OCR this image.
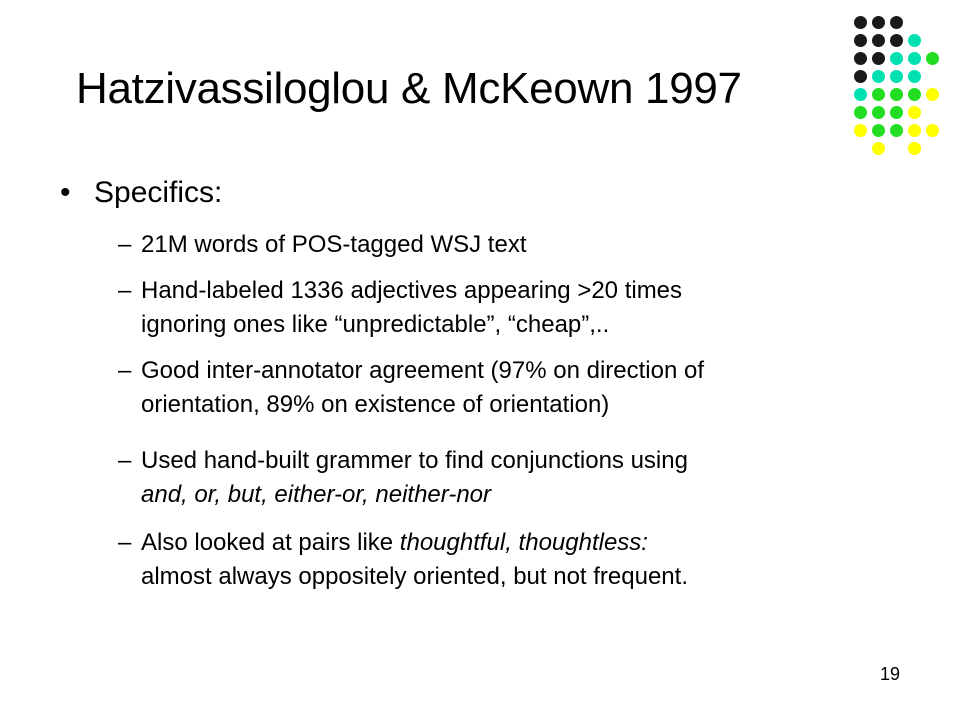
Hatzivassiloglou & McKeown 1997
• Specifics:
– 21M words of POS-tagged WSJ text
– Hand-labeled 1336 adjectives appearing >20 times
ignoring ones like “unpredictable”, “cheap”,..
– Good inter-annotator agreement (97% on direction of
orientation, 89% on existence of orientation)
– Used hand-built grammer to find conjunctions using
and, or, but, either-or, neither-nor
– Also looked at pairs like thoughtful, thoughtless:
almost always oppositely oriented, but not frequent.
19
